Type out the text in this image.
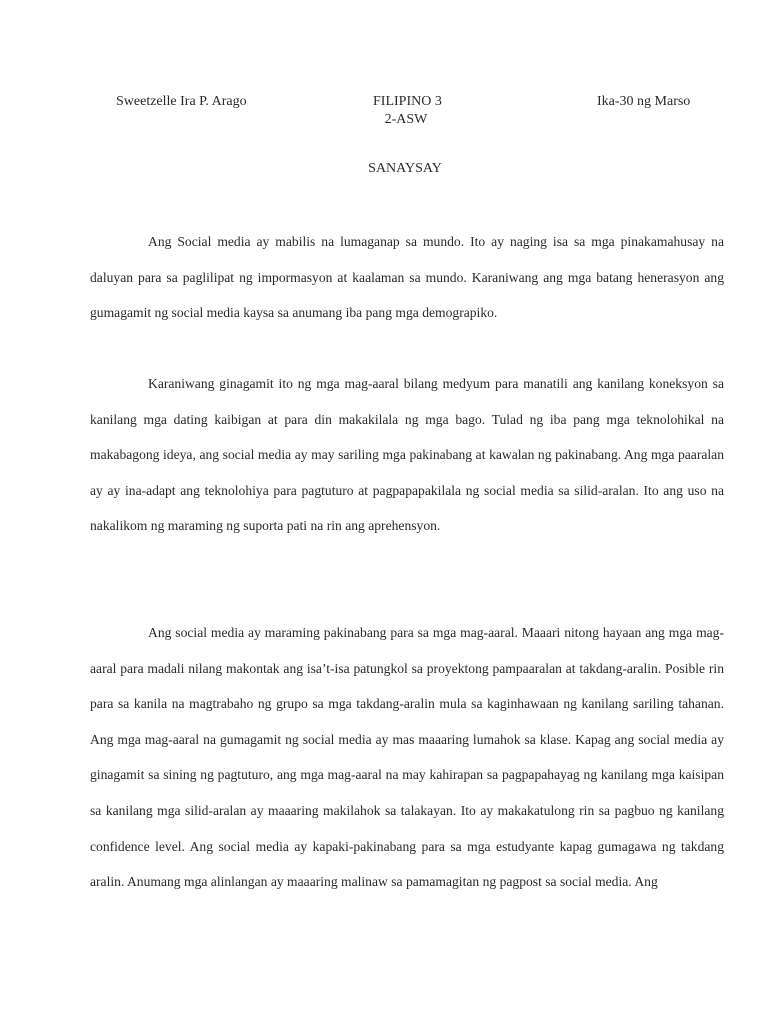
Sweetzelle Ira P. Arago	FILIPINO 3	Ika-30 ng Marso
2-ASW
SANAYSAY

Ang Social media ay mabilis na lumaganap sa mundo. Ito ay naging isa sa mga pinakamahusay na daluyan para sa paglilipat ng impormasyon at kaalaman sa mundo. Karaniwang ang mga batang henerasyon ang gumagamit ng social media kaysa sa anumang iba pang mga demograpiko.

Karaniwang ginagamit ito ng mga mag-aaral bilang medyum para manatili ang kanilang koneksyon sa kanilang mga dating kaibigan at para din makakilala ng mga bago. Tulad ng iba pang mga teknolohikal na makabagong ideya, ang social media ay may sariling mga pakinabang at kawalan ng pakinabang. Ang mga paaralan ay ay ina-adapt ang teknolohiya para pagtuturo at pagpapapakilala ng social media sa silid-aralan. Ito ang uso na nakalikom ng maraming ng suporta pati na rin ang aprehensyon.

Ang social media ay maraming pakinabang para sa mga mag-aaral. Maaari nitong hayaan ang mga mag-aaral para madali nilang makontak ang isa’t-isa patungkol sa proyektong pampaaralan at takdang-aralin. Posible rin para sa kanila na magtrabaho ng grupo sa mga takdang-aralin mula sa kaginhawaan ng kanilang sariling tahanan. Ang mga mag-aaral na gumagamit ng social media ay mas maaaring lumahok sa klase. Kapag ang social media ay ginagamit sa sining ng pagtuturo, ang mga mag-aaral na may kahirapan sa pagpapahayag ng kanilang mga kaisipan sa kanilang mga silid-aralan ay maaaring makilahok sa talakayan. Ito ay makakatulong rin sa pagbuo ng kanilang confidence level. Ang social media ay kapaki-pakinabang para sa mga estudyante kapag gumagawa ng takdang aralin. Anumang mga alinlangan ay maaaring malinaw sa pamamagitan ng pagpost sa social media. Ang
